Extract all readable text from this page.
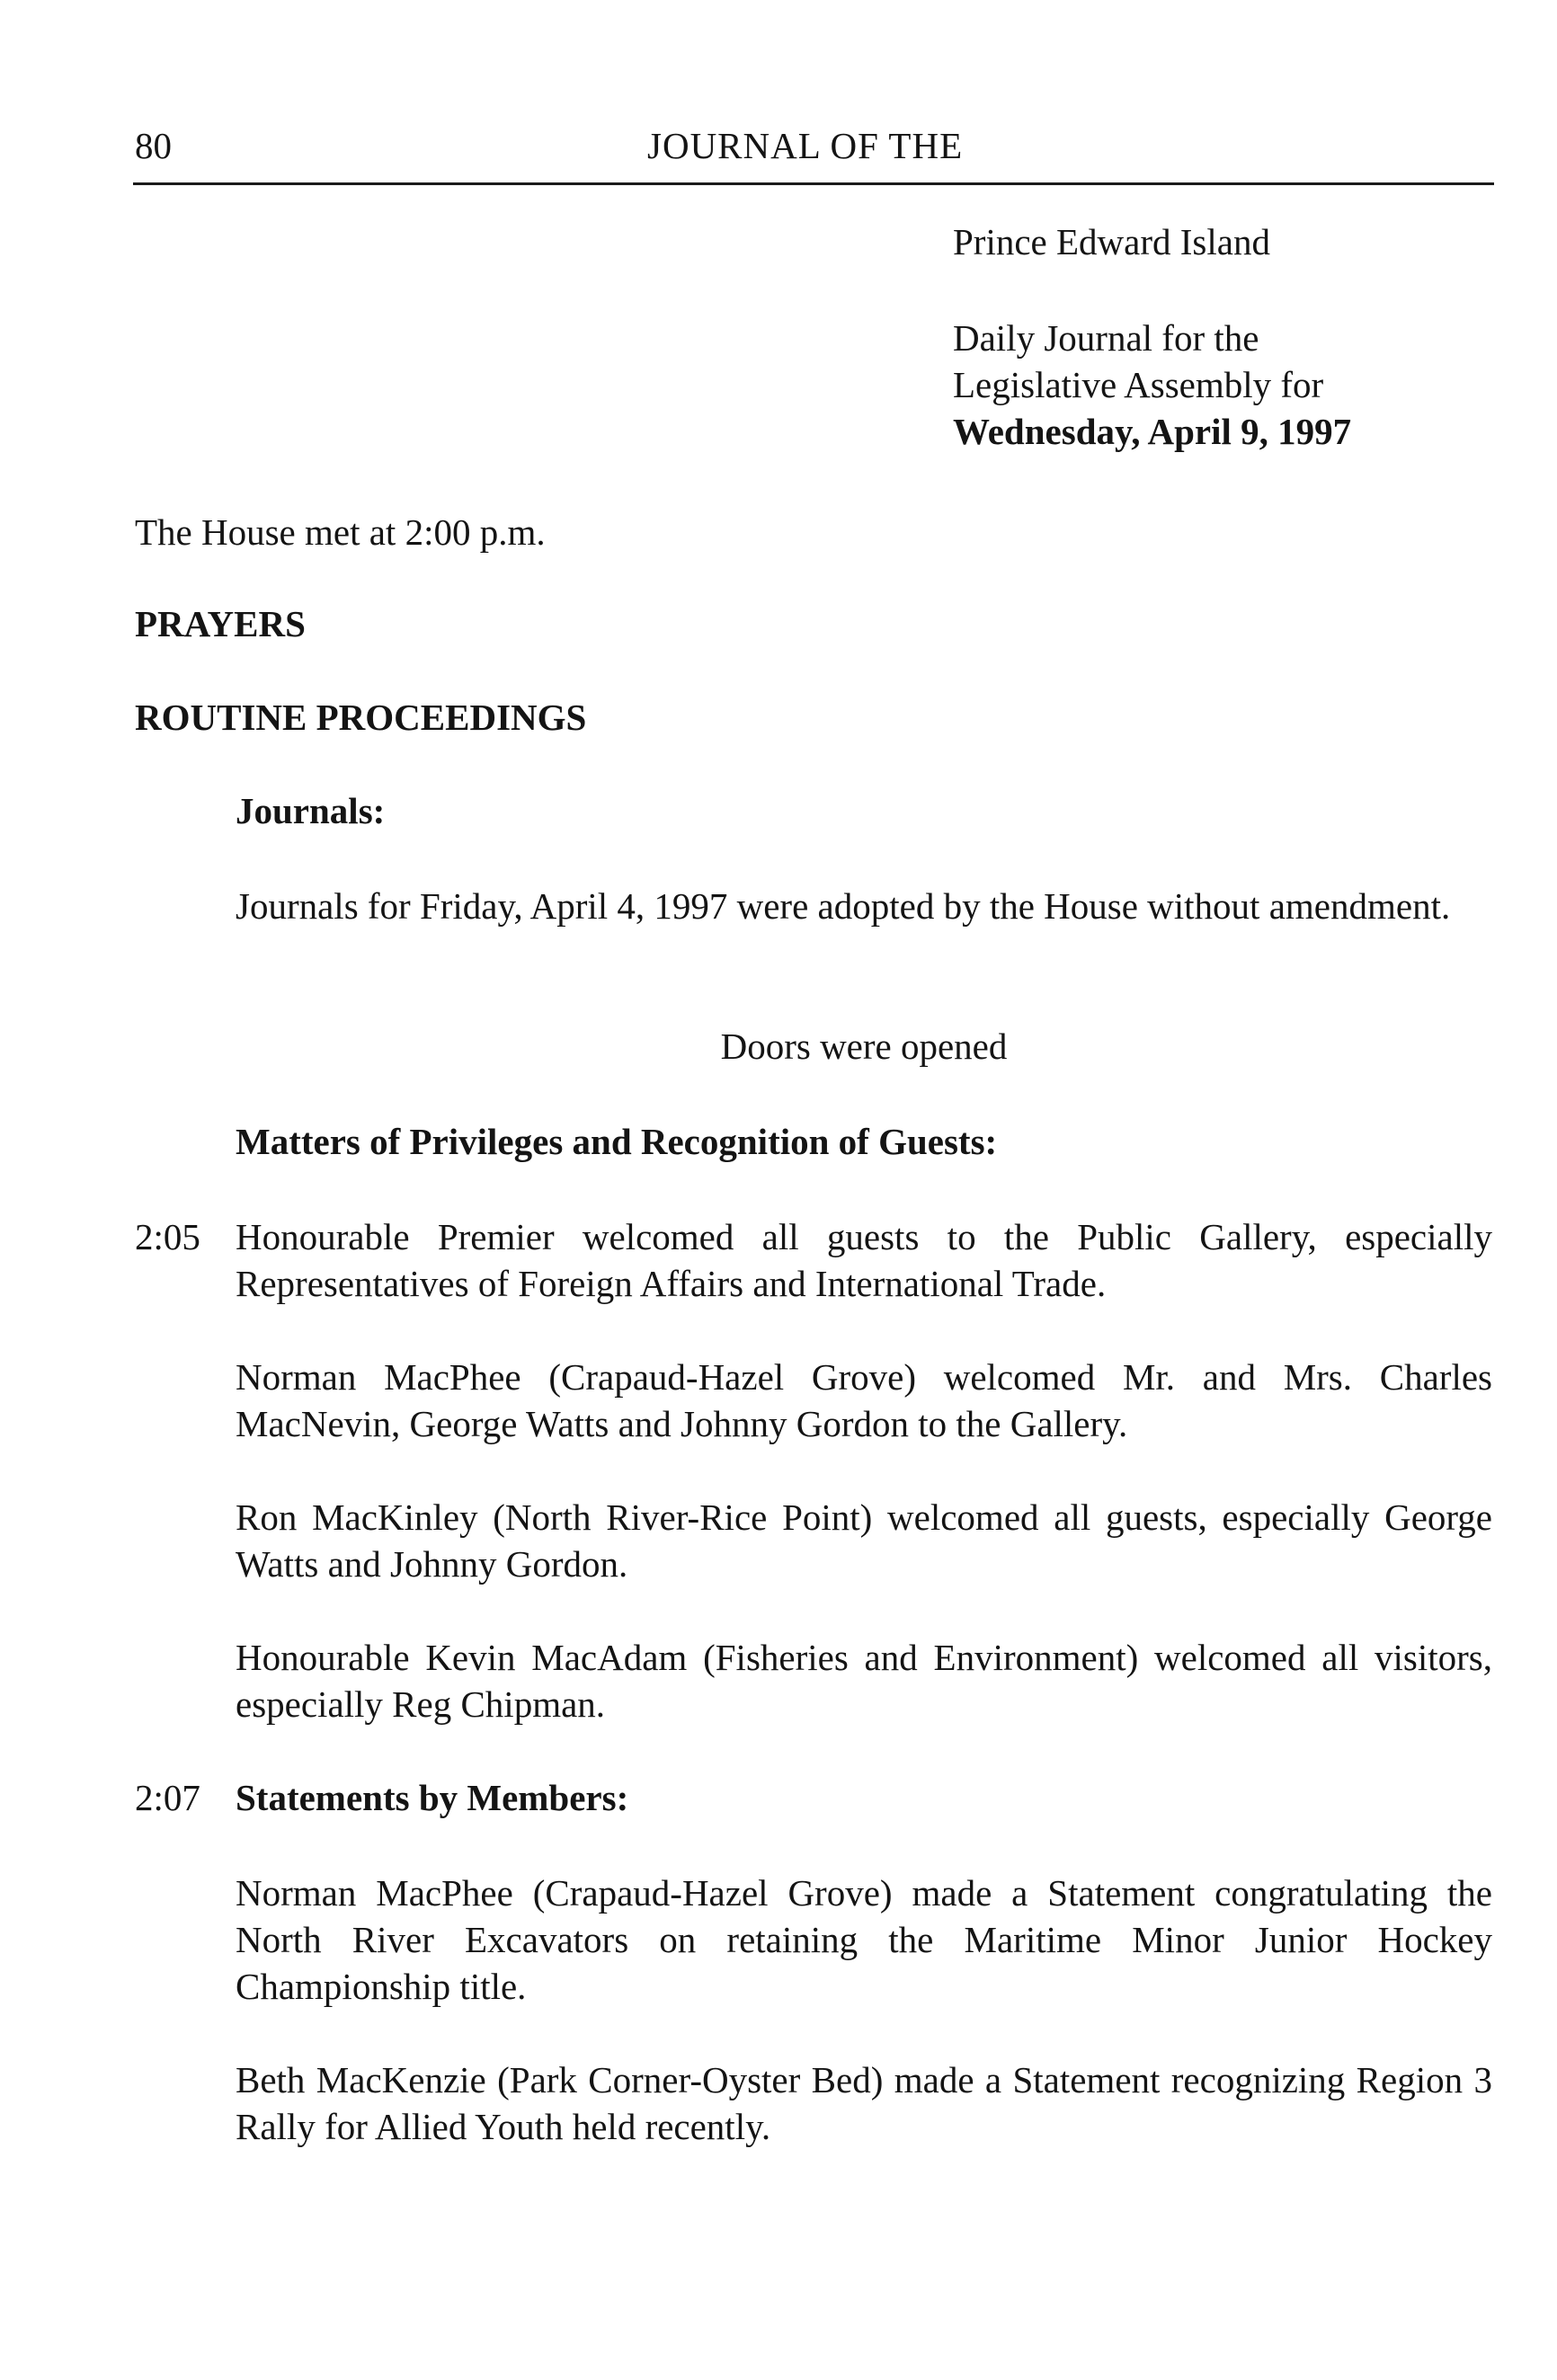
80	JOURNAL OF THE
Prince Edward Island
Daily Journal for the
Legislative Assembly for
Wednesday, April 9, 1997
The House met at 2:00 p.m.
PRAYERS
ROUTINE PROCEEDINGS
Journals:
Journals for Friday, April 4, 1997 were adopted by the House without amendment.
Doors were opened
Matters of Privileges and Recognition of Guests:
2:05 Honourable Premier welcomed all guests to the Public Gallery, especially Representatives of Foreign Affairs and International Trade.
Norman MacPhee (Crapaud-Hazel Grove) welcomed Mr. and Mrs. Charles MacNevin, George Watts and Johnny Gordon to the Gallery.
Ron MacKinley (North River-Rice Point) welcomed all guests, especially George Watts and Johnny Gordon.
Honourable Kevin MacAdam (Fisheries and Environment) welcomed all visitors, especially Reg Chipman.
2:07 Statements by Members:
Norman MacPhee (Crapaud-Hazel Grove) made a Statement congratulating the North River Excavators on retaining the Maritime Minor Junior Hockey Championship title.
Beth MacKenzie (Park Corner-Oyster Bed) made a Statement recognizing Region 3 Rally for Allied Youth held recently.
